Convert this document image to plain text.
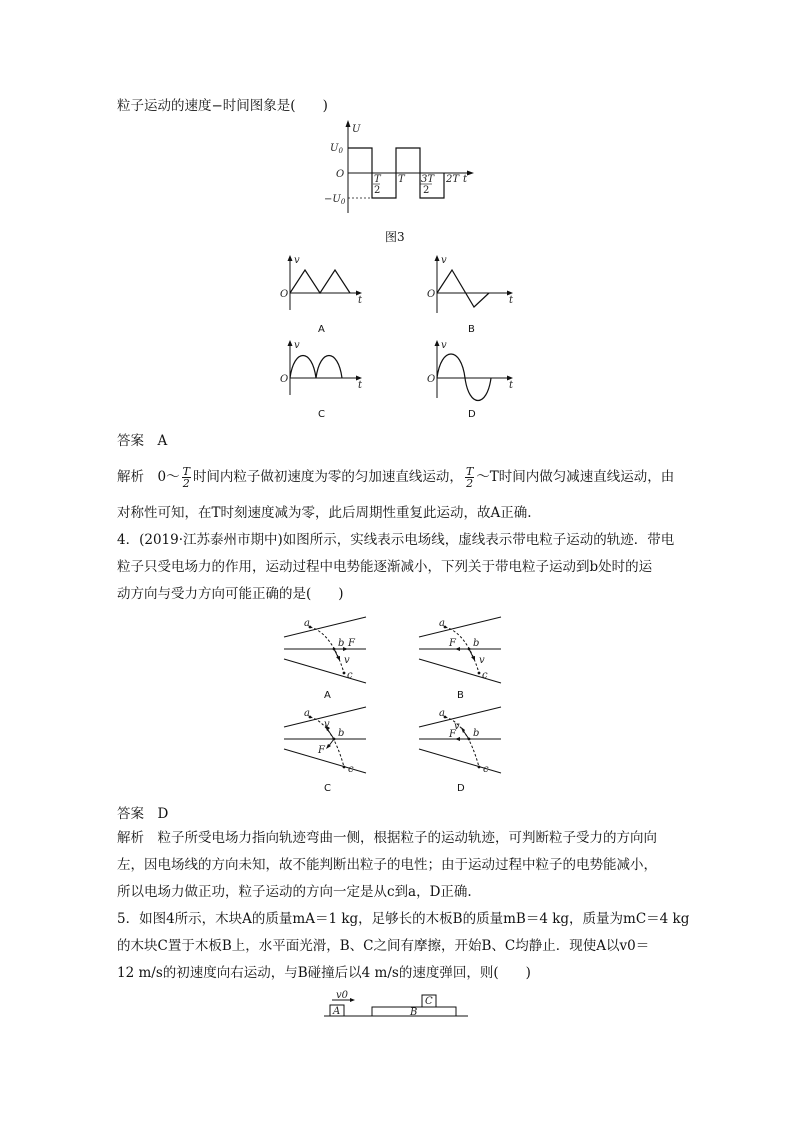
粒子运动的速度−时间图象是(　　)
U
$U_0$
O
$-U_0$
T
2
T 3T
2
2T t
图3
v
O
t
A
v
O
t
B
v
O
t
C
v
O
t
D
答案　A
解析　0～ $\frac{T}{2}$ 时间内粒子做初速度为零的匀加速直线运动， $\frac{T}{2}$ ～T时间内做匀减速直线运动，由
对称性可知，在T时刻速度减为零，此后周期性重复此运动，故A正确.
4．(2019·江苏泰州市期中)如图所示，实线表示电场线，虚线表示带电粒子运动的轨迹．带电
粒子只受电场力的作用，运动过程中电势能逐渐减小，下列关于带电粒子运动到b处时的运
动方向与受力方向可能正确的是(　　)
a
b F
v
c
A
a
b
F
v
c
B
a
b
F
v
c
C
a
b
F
v
c
D
答案　D
解析　粒子所受电场力指向轨迹弯曲一侧，根据粒子的运动轨迹，可判断粒子受力的方向向
左，因电场线的方向未知，故不能判断出粒子的电性；由于运动过程中粒子的电势能减小，
所以电场力做正功，粒子运动的方向一定是从c到a，D正确.
5．如图4所示，木块A的质量mA＝1 kg，足够长的木板B的质量mB＝4 kg，质量为mC＝4 kg
的木块C置于木板B上，水平面光滑，B、C之间有摩擦，开始B、C均静止．现使A以v0＝
12 m/s的初速度向右运动，与B碰撞后以4 m/s的速度弹回，则(　　)
v0
A	B
C
